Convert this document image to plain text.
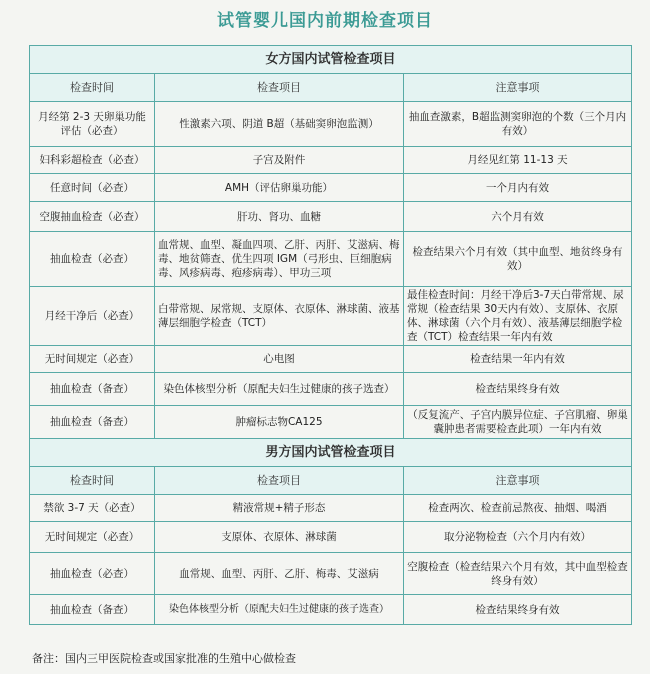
试管婴儿国内前期检查项目
女方国内试管检查项目		
检查时间	检查项目	注意事项
月经第 2-3 天卵巢功能评估（必查）	性激素六项、阴道 B超（基础窦卵泡监测）	抽血查激素，B超监测窦卵泡的个数（三个月内有效）
妇科彩超检查（必查）	子宫及附件	月经见红第 11-13 天
任意时间（必查）	AMH（评估卵巢功能）	一个月内有效
空腹抽血检查（必查）	肝功、肾功、血糖	六个月有效
抽血检查（必查）	血常规、血型、凝血四项、乙肝、丙肝、艾滋病、梅毒、地贫筛查、优生四项 IGM（弓形虫、巨细胞病毒、风疹病毒、疱疹病毒）、甲功三项	检查结果六个月有效（其中血型、地贫终身有效）
月经干净后（必查）	白带常规、尿常规、支原体、衣原体、淋球菌、液基薄层细胞学检查（TCT）	最佳检查时间：月经干净后3-7天白带常规、尿常规（检查结果 30天内有效）、支原体、衣原体、淋球菌（六个月有效）、液基薄层细胞学检查（TCT）检查结果一年内有效
无时间规定（必查）	心电图	检查结果一年内有效
抽血检查（备查）	染色体核型分析（原配夫妇生过健康的孩子选查）	检查结果终身有效
抽血检查（备查）	肿瘤标志物CA125	（反复流产、子宫内膜异位症、子宫肌瘤、卵巢囊肿患者需要检查此项）一年内有效
男方国内试管检查项目		
检查时间	检查项目	注意事项
禁欲 3-7 天（必查）	精液常规+精子形态	检查两次、检查前忌熬夜、抽烟、喝酒
无时间规定（必查）	支原体、衣原体、淋球菌	取分泌物检查（六个月内有效）
抽血检查（必查）	血常规、血型、丙肝、乙肝、梅毒、艾滋病	空腹检查（检查结果六个月有效，其中血型检查终身有效）
抽血检查（备查）	染色体核型分析（原配夫妇生过健康的孩子选查）	检查结果终身有效
备注：国内三甲医院检查或国家批准的生殖中心做检查
